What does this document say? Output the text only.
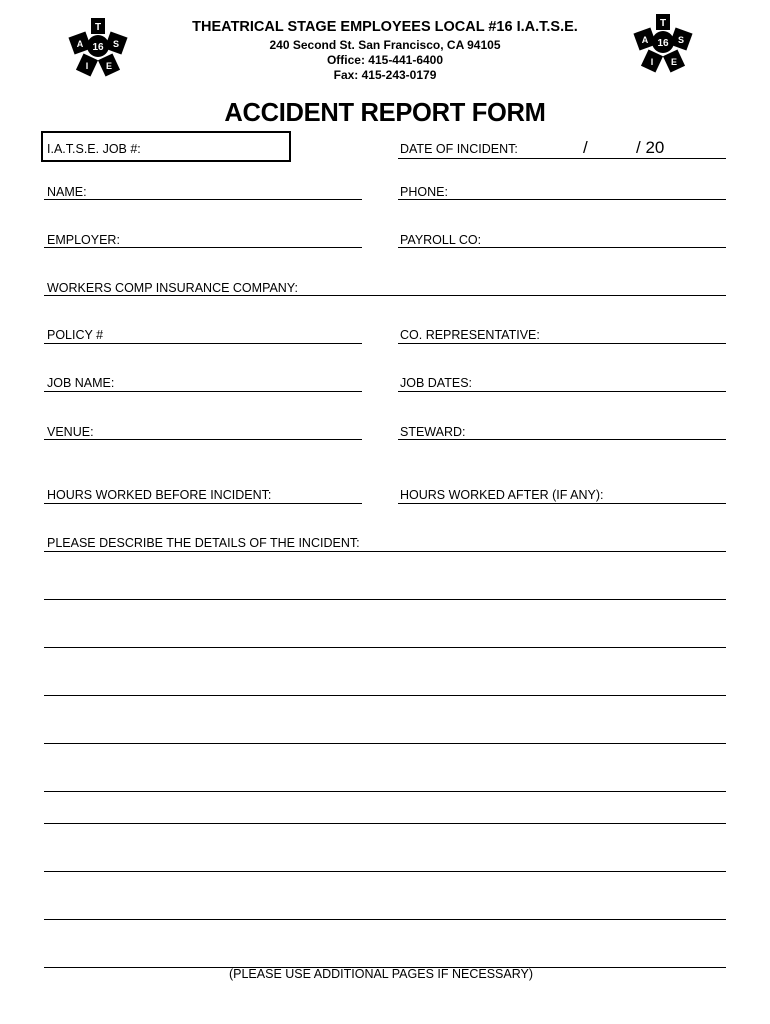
T
A	S
I E
16
T
A	S
I E
16
THEATRICAL STAGE EMPLOYEES LOCAL #16 I.A.T.S.E.
240 Second St. San Francisco, CA 94105
Office: 415-441-6400
Fax: 415-243-0179
ACCIDENT REPORT FORM
I.A.T.S.E. JOB #:	DATE OF INCIDENT:	/	/ 20
NAME:	PHONE:
EMPLOYER:	PAYROLL CO:
WORKERS COMP INSURANCE COMPANY:
POLICY #	CO. REPRESENTATIVE:
JOB NAME:	JOB DATES:
VENUE:	STEWARD:
HOURS WORKED BEFORE INCIDENT:	HOURS WORKED AFTER (IF ANY):
PLEASE DESCRIBE THE DETAILS OF THE INCIDENT:
(PLEASE USE ADDITIONAL PAGES IF NECESSARY)
